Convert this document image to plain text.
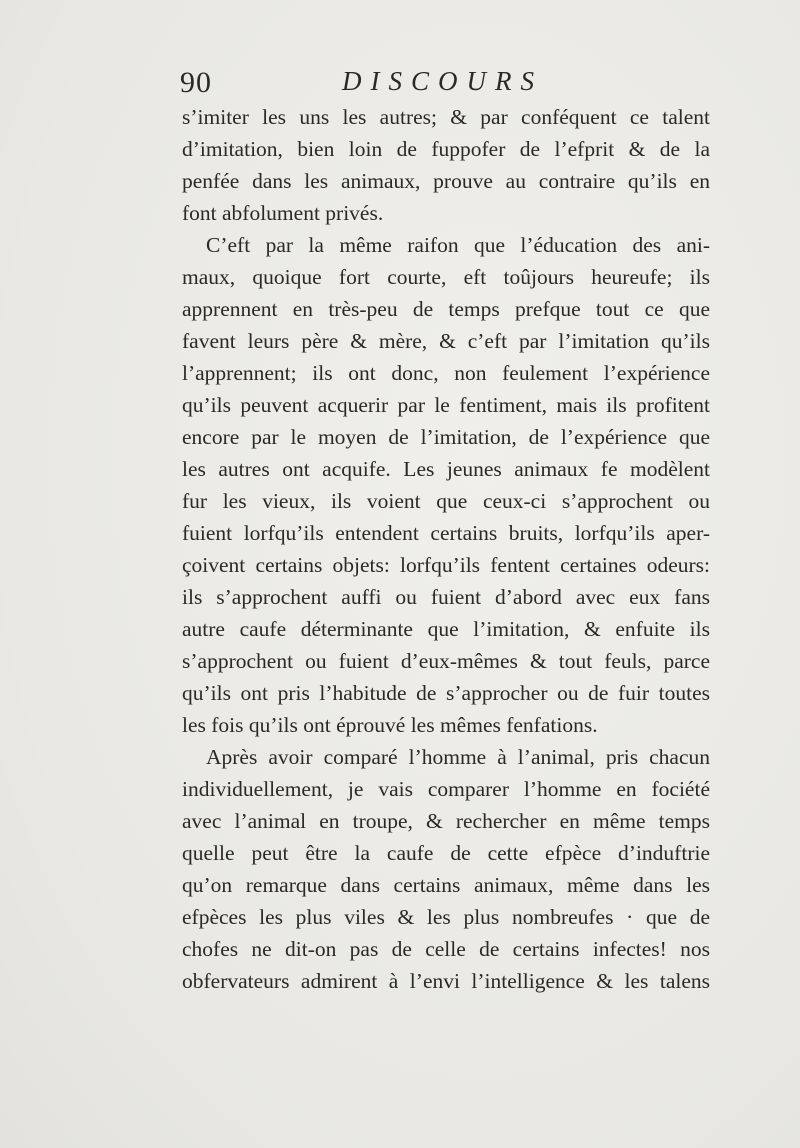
90	DISCOURS
s’imiter les uns les autres; & par conféquent ce talent
d’imitation, bien loin de fuppofer de l’efprit & de la
penfée dans les animaux, prouve au contraire qu’ils en
font abfolument privés.
C’eft par la même raifon que l’éducation des ani-
maux, quoique fort courte, eft toûjours heureufe; ils
apprennent en très-peu de temps prefque tout ce que
favent leurs père & mère, & c’eft par l’imitation qu’ils
l’apprennent; ils ont donc, non feulement l’expérience
qu’ils peuvent acquerir par le fentiment, mais ils profitent
encore par le moyen de l’imitation, de l’expérience que
les autres ont acquife. Les jeunes animaux fe modèlent
fur les vieux, ils voient que ceux-ci s’approchent ou
fuient lorfqu’ils entendent certains bruits, lorfqu’ils aper-
çoivent certains objets: lorfqu’ils fentent certaines odeurs:
ils s’approchent auffi ou fuient d’abord avec eux fans
autre caufe déterminante que l’imitation, & enfuite ils
s’approchent ou fuient d’eux-mêmes & tout feuls, parce
qu’ils ont pris l’habitude de s’approcher ou de fuir toutes
les fois qu’ils ont éprouvé les mêmes fenfations.
Après avoir comparé l’homme à l’animal, pris chacun
individuellement, je vais comparer l’homme en fociété
avec l’animal en troupe, & rechercher en même temps
quelle peut être la caufe de cette efpèce d’induftrie
qu’on remarque dans certains animaux, même dans les
efpèces les plus viles & les plus nombreufes · que de
chofes ne dit-on pas de celle de certains infectes! nos
obfervateurs admirent à l’envi l’intelligence & les talens
